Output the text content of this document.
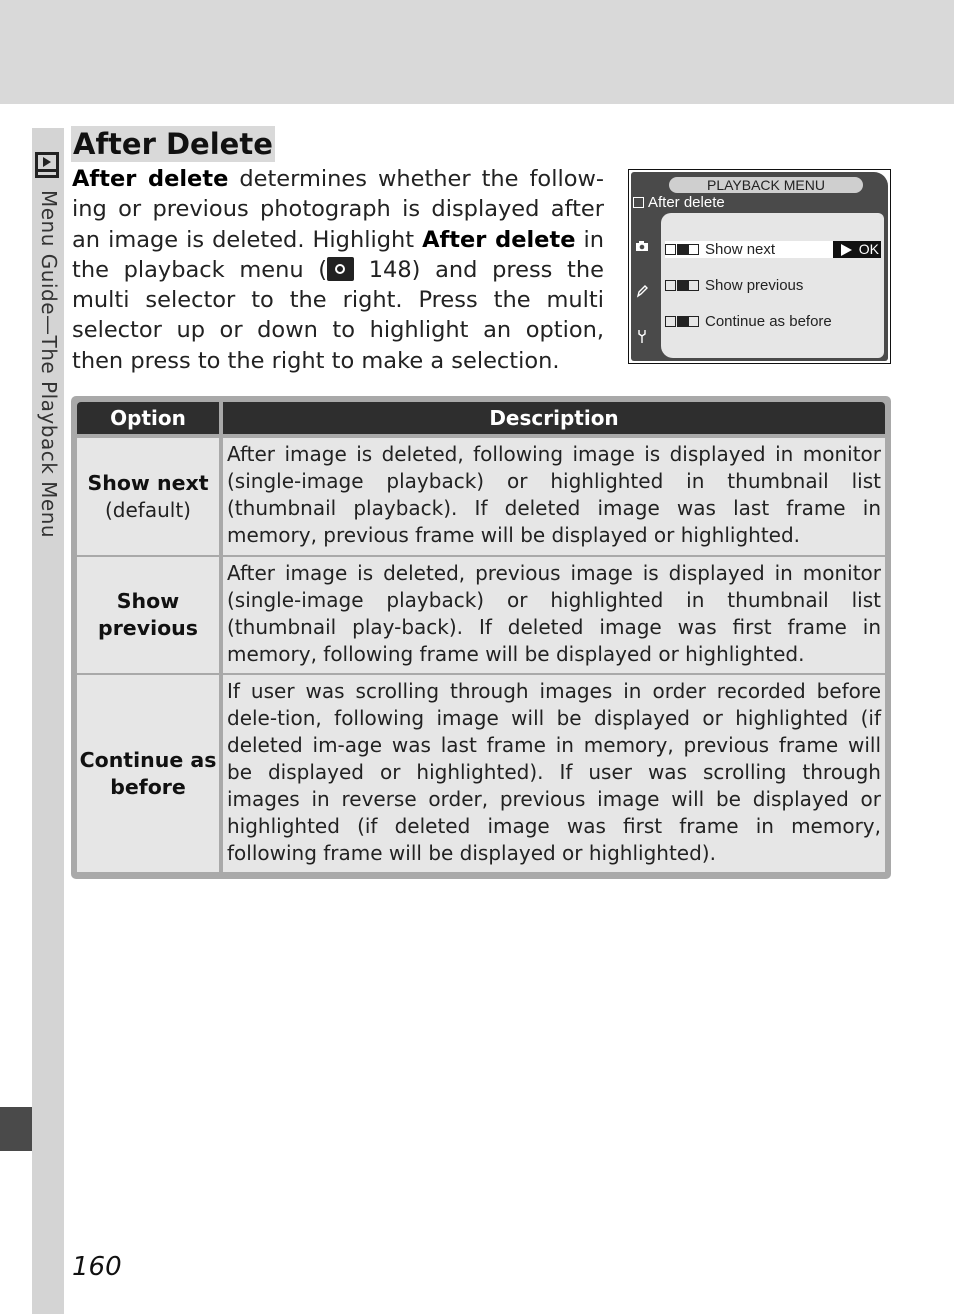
Menu Guide—The Playback Menu
After Delete

After delete determines whether the follow-ing or previous photograph is displayed after an image is deleted. Highlight After delete in the playback menu ( 148) and press the multi selector to the right. Press the multi selector up or down to highlight an option, then press to the right to make a selection.

PLAYBACK MENU
After delete
Show next	OK
Show previous
Continue as before
Option	Description
Show next
(default)
After image is deleted, following image is displayed in monitor (single-image playback) or highlighted in thumbnail list (thumbnail playback). If deleted image was last frame in memory, previous frame will be displayed or highlighted.
Show
previous
After image is deleted, previous image is displayed in monitor (single-image playback) or highlighted in thumbnail list (thumbnail play-back). If deleted image was first frame in memory, following frame will be displayed or highlighted.
Continue as
before
If user was scrolling through images in order recorded before dele-tion, following image will be displayed or highlighted (if deleted im-age was last frame in memory, previous frame will be displayed or highlighted). If user was scrolling through images in reverse order, previous image will be displayed or highlighted (if deleted image was first frame in memory, following frame will be displayed or highlighted).
160
